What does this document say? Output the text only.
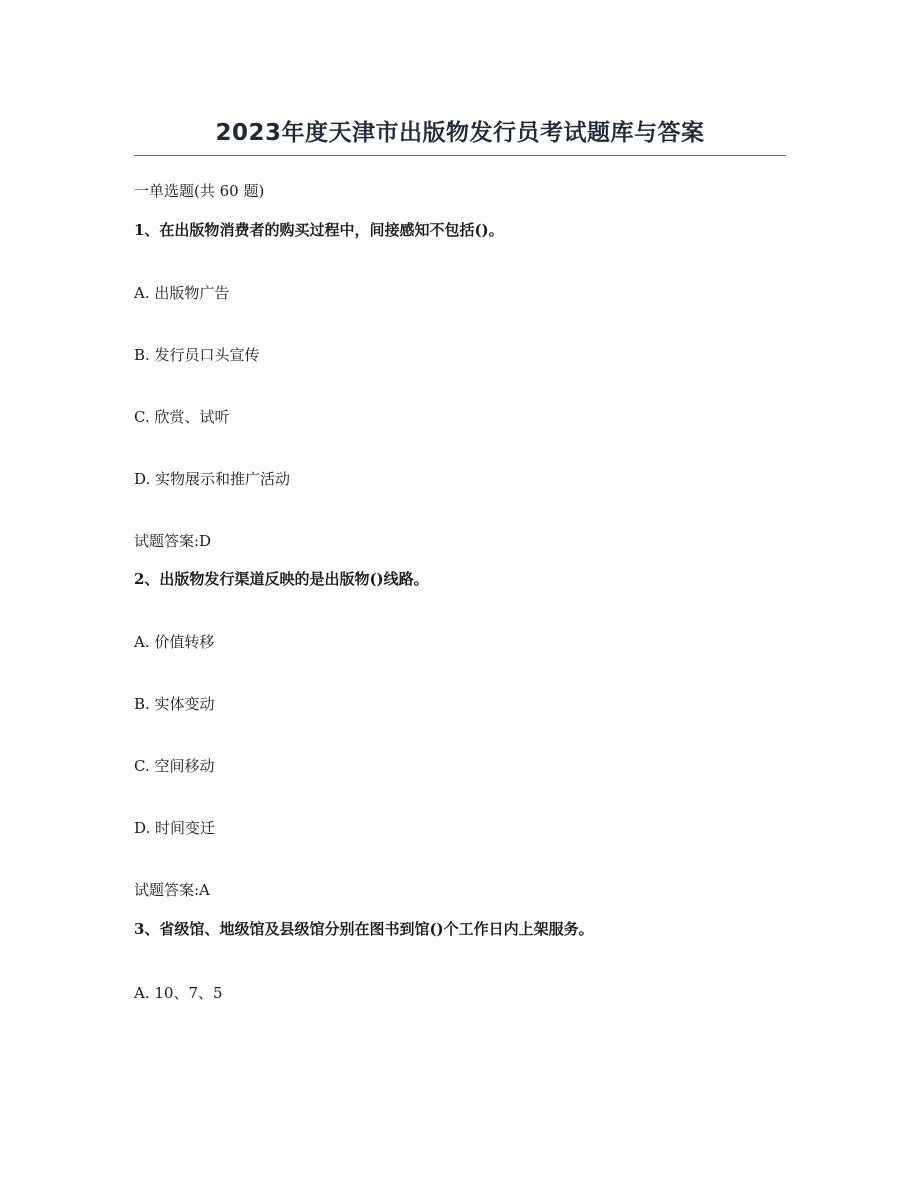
2023年度天津市出版物发行员考试题库与答案
一单选题(共 60 题)
1、在出版物消费者的购买过程中，间接感知不包括()。
A. 出版物广告
B. 发行员口头宣传
C. 欣赏、试听
D. 实物展示和推广活动
试题答案:D
2、出版物发行渠道反映的是出版物()线路。
A. 价值转移
B. 实体变动
C. 空间移动
D. 时间变迁
试题答案:A
3、省级馆、地级馆及县级馆分别在图书到馆()个工作日内上架服务。
A. 10、7、5
